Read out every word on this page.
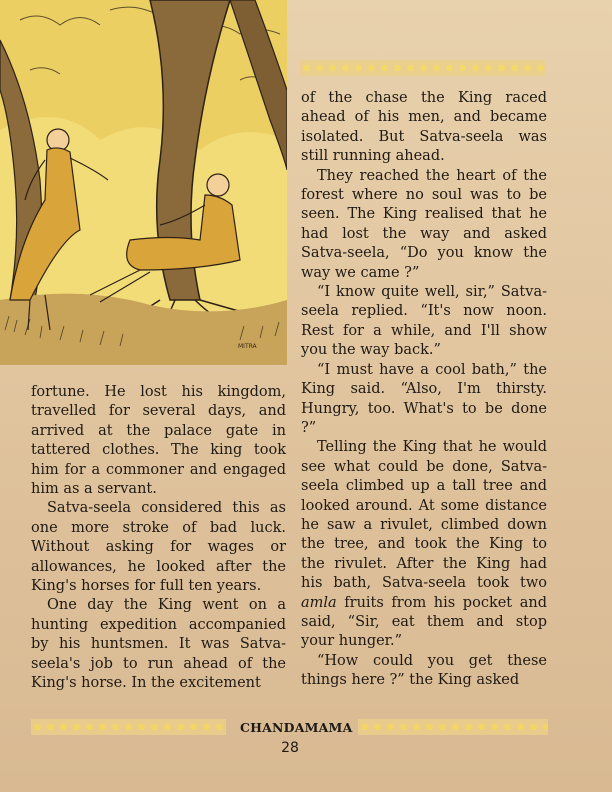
MITRA

fortune. He lost his kingdom, travelled for several days, and arrived at the palace gate in tattered clothes. The king took him for a commoner and engaged him as a servant.

Satva-seela considered this as one more stroke of bad luck. Without asking for wages or allowances, he looked after the King's horses for full ten years.

One day the King went on a hunting expedition accompanied by his huntsmen. It was Satva-seela's job to run ahead of the King's horse. In the excitement

of the chase the King raced ahead of his men, and became isolated. But Satva-seela was still running ahead.

They reached the heart of the forest where no soul was to be seen. The King realised that he had lost the way and asked Satva-seela, “Do you know the way we came ?”

“I know quite well, sir,” Satva-seela replied. “It's now noon. Rest for a while, and I'll show you the way back.”

“I must have a cool bath,” the King said. “Also, I'm thirsty. Hungry, too. What's to be done ?”

Telling the King that he would see what could be done, Satva-seela climbed up a tall tree and looked around. At some distance he saw a rivulet, climbed down the tree, and took the King to the rivulet. After the King had his bath, Satva-seela took two amla fruits from his pocket and said, “Sir, eat them and stop your hunger.”

“How could you get these things here ?” the King asked

CHANDAMAMA
28
